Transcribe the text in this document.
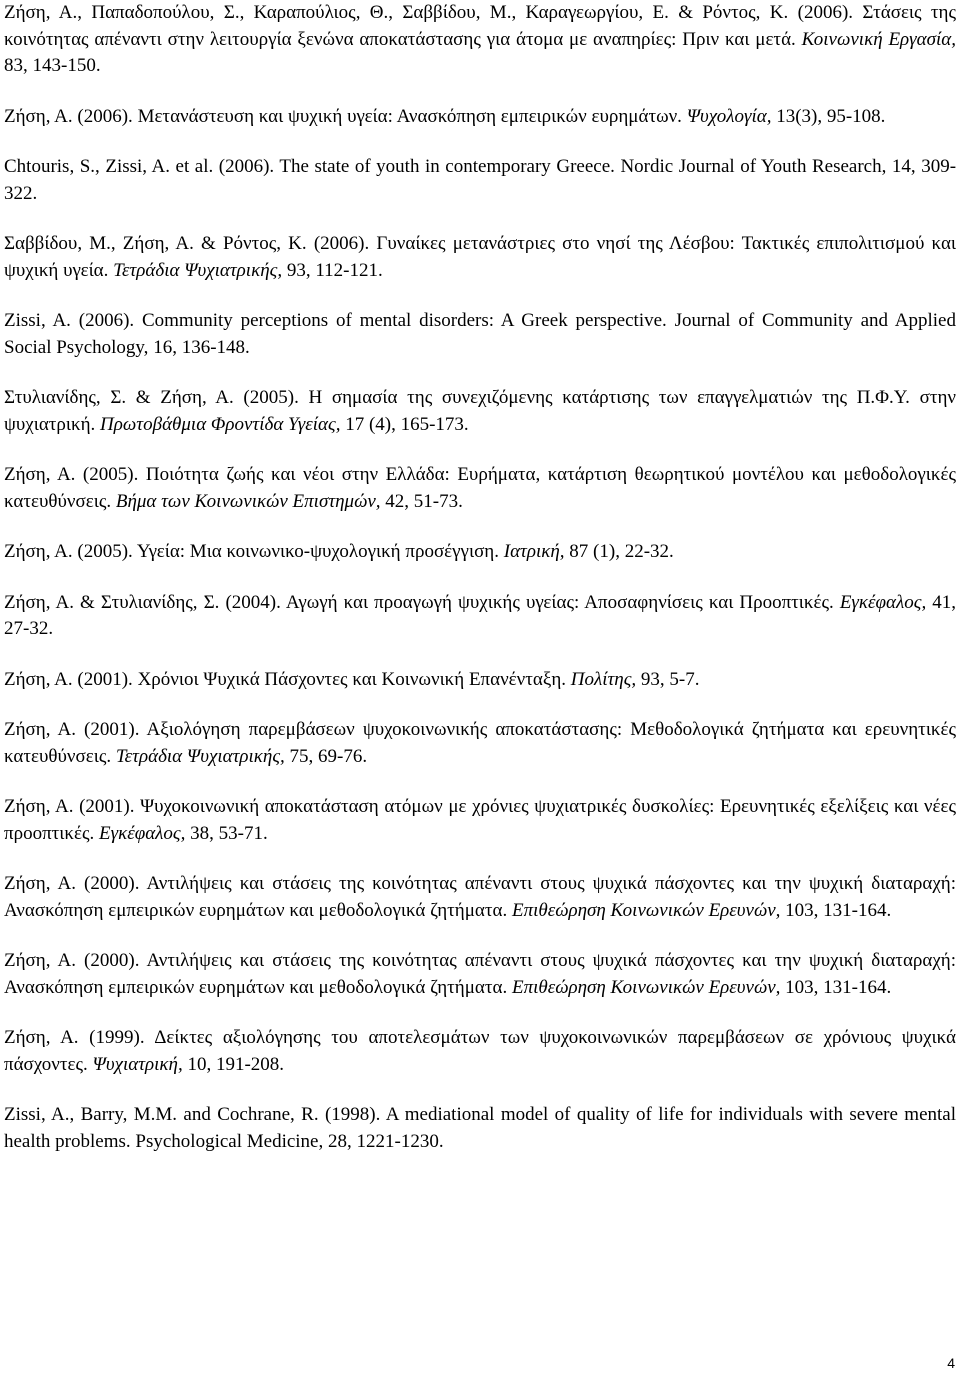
Ζήση, Α., Παπαδοπούλου, Σ., Καραπούλιος, Θ., Σαββίδου, Μ., Καραγεωργίου, Ε. & Ρόντος, Κ. (2006). Στάσεις της κοινότητας απέναντι στην λειτουργία ξενώνα αποκατάστασης για άτομα με αναπηρίες: Πριν και μετά. Κοινωνική Εργασία, 83, 143-150.

Ζήση, Α. (2006). Μετανάστευση και ψυχική υγεία: Ανασκόπηση εμπειρικών ευρημάτων. Ψυχολογία, 13(3), 95-108.

Chtouris, S., Zissi, A. et al. (2006). The state of youth in contemporary Greece. Nordic Journal of Youth Research, 14, 309-322.

Σαββίδου, Μ., Ζήση, Α. & Ρόντος, Κ. (2006). Γυναίκες μετανάστριες στο νησί της Λέσβου: Τακτικές επιπολιτισμού και ψυχική υγεία. Τετράδια Ψυχιατρικής, 93, 112-121.

Zissi, A. (2006). Community perceptions of mental disorders: A Greek perspective. Journal of Community and Applied Social Psychology, 16, 136-148.

Στυλιανίδης, Σ. & Ζήση, Α. (2005). Η σημασία της συνεχιζόμενης κατάρτισης των επαγγελματιών της Π.Φ.Υ. στην ψυχιατρική. Πρωτοβάθμια Φροντίδα Υγείας, 17 (4), 165-173.

Ζήση, Α. (2005). Ποιότητα ζωής και νέοι στην Ελλάδα: Ευρήματα, κατάρτιση θεωρητικού μοντέλου και μεθοδολογικές κατευθύνσεις. Βήμα των Κοινωνικών Επιστημών, 42, 51-73.

Ζήση, Α. (2005). Υγεία: Μια κοινωνικο-ψυχολογική προσέγγιση. Ιατρική, 87 (1), 22-32.

Ζήση, Α. & Στυλιανίδης, Σ. (2004). Αγωγή και προαγωγή ψυχικής υγείας: Αποσαφηνίσεις και Προοπτικές. Εγκέφαλος, 41, 27-32.

Ζήση, Α. (2001). Χρόνιοι Ψυχικά Πάσχοντες και Κοινωνική Επανένταξη. Πολίτης, 93, 5-7.

Ζήση, Α. (2001). Αξιολόγηση παρεμβάσεων ψυχοκοινωνικής αποκατάστασης: Μεθοδολογικά ζητήματα και ερευνητικές κατευθύνσεις. Τετράδια Ψυχιατρικής, 75, 69-76.

Ζήση, Α. (2001). Ψυχοκοινωνική αποκατάσταση ατόμων με χρόνιες ψυχιατρικές δυσκολίες: Ερευνητικές εξελίξεις και νέες προοπτικές. Εγκέφαλος, 38, 53-71.

Ζήση, Α. (2000). Αντιλήψεις και στάσεις της κοινότητας απέναντι στους ψυχικά πάσχοντες και την ψυχική διαταραχή: Ανασκόπηση εμπειρικών ευρημάτων και μεθοδολογικά ζητήματα. Επιθεώρηση Κοινωνικών Ερευνών, 103, 131-164.

Ζήση, Α. (2000). Αντιλήψεις και στάσεις της κοινότητας απέναντι στους ψυχικά πάσχοντες και την ψυχική διαταραχή: Ανασκόπηση εμπειρικών ευρημάτων και μεθοδολογικά ζητήματα. Επιθεώρηση Κοινωνικών Ερευνών, 103, 131-164.

Ζήση, Α. (1999). Δείκτες αξιολόγησης του αποτελεσμάτων των ψυχοκοινωνικών παρεμβάσεων σε χρόνιους ψυχικά πάσχοντες. Ψυχιατρική, 10, 191-208.

Zissi, A., Barry, M.M. and Cochrane, R. (1998). A mediational model of quality of life for individuals with severe mental health problems. Psychological Medicine, 28, 1221-1230.

4
